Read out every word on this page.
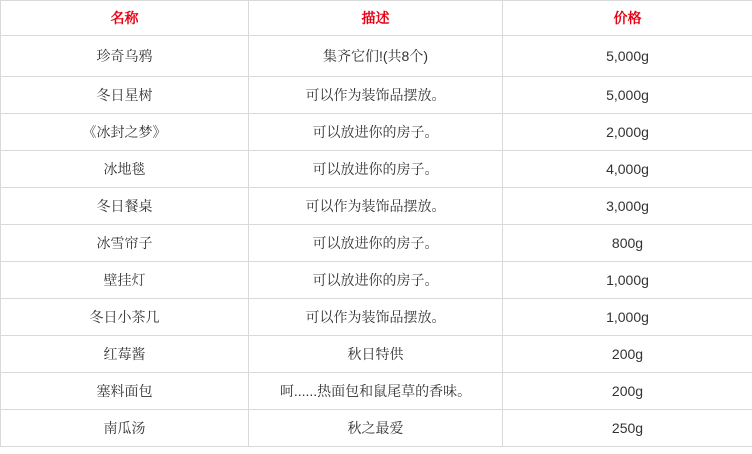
名称	描述	价格
珍奇乌鸦	集齐它们!(共8个)	5,000g
冬日星树	可以作为装饰品摆放。	5,000g
《冰封之梦》	可以放进你的房子。	2,000g
冰地毯	可以放进你的房子。	4,000g
冬日餐桌	可以作为装饰品摆放。	3,000g
冰雪帘子	可以放进你的房子。	800g
壁挂灯	可以放进你的房子。	1,000g
冬日小茶几	可以作为装饰品摆放。	1,000g
红莓酱	秋日特供	200g
塞料面包	呵......热面包和鼠尾草的香味。	200g
南瓜汤	秋之最爱	250g
